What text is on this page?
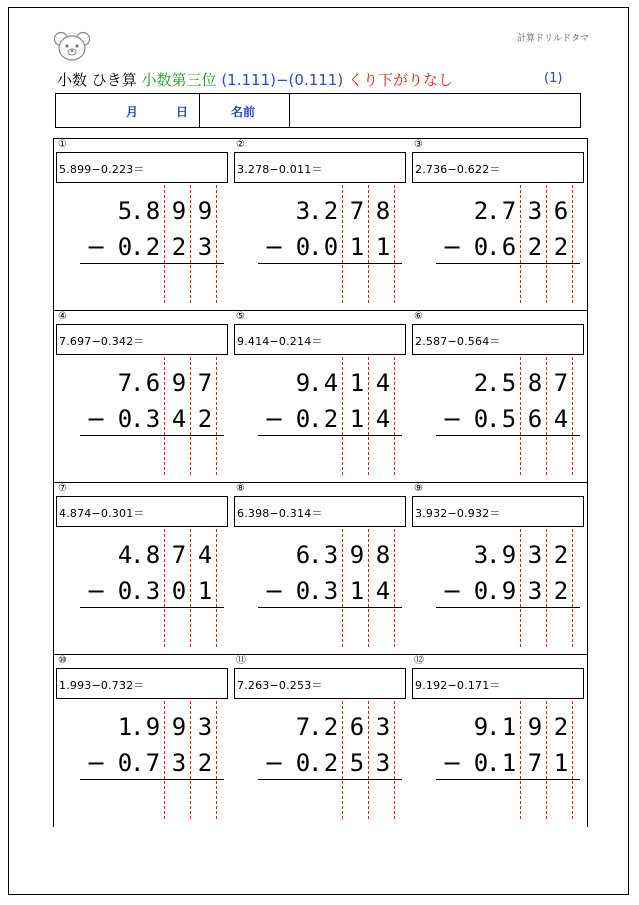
計算ドリルドタマ
小数 ひき算 小数第三位 (1.111)−(0.111) くり下がりなし	(1)
月	日	名前
①
5.899−0.223＝
5 8 9 9
.
− 0 2 2 3
.
②
3.278−0.011＝
3 2 7 8
.
− 0 0 1 1
.
③
2.736−0.622＝
2 7 3 6
.
− 0 6 2 2
.
④
7.697−0.342＝
7 6 9 7
.
− 0 3 4 2
.
⑤
9.414−0.214＝
9 4 1 4
.
− 0 2 1 4
.
⑥
2.587−0.564＝
2 5 8 7
.
− 0 5 6 4
.
⑦
4.874−0.301＝
4 8 7 4
.
− 0 3 0 1
.
⑧
6.398−0.314＝
6 3 9 8
.
− 0 3 1 4
.
⑨
3.932−0.932＝
3 9 3 2
.
− 0 9 3 2
.
⑩
1.993−0.732＝
1 9 9 3
.
− 0 7 3 2
.
⑪
7.263−0.253＝
7 2 6 3
.
− 0 2 5 3
.
⑫
9.192−0.171＝
9 1 9 2
.
− 0 1 7 1
.
